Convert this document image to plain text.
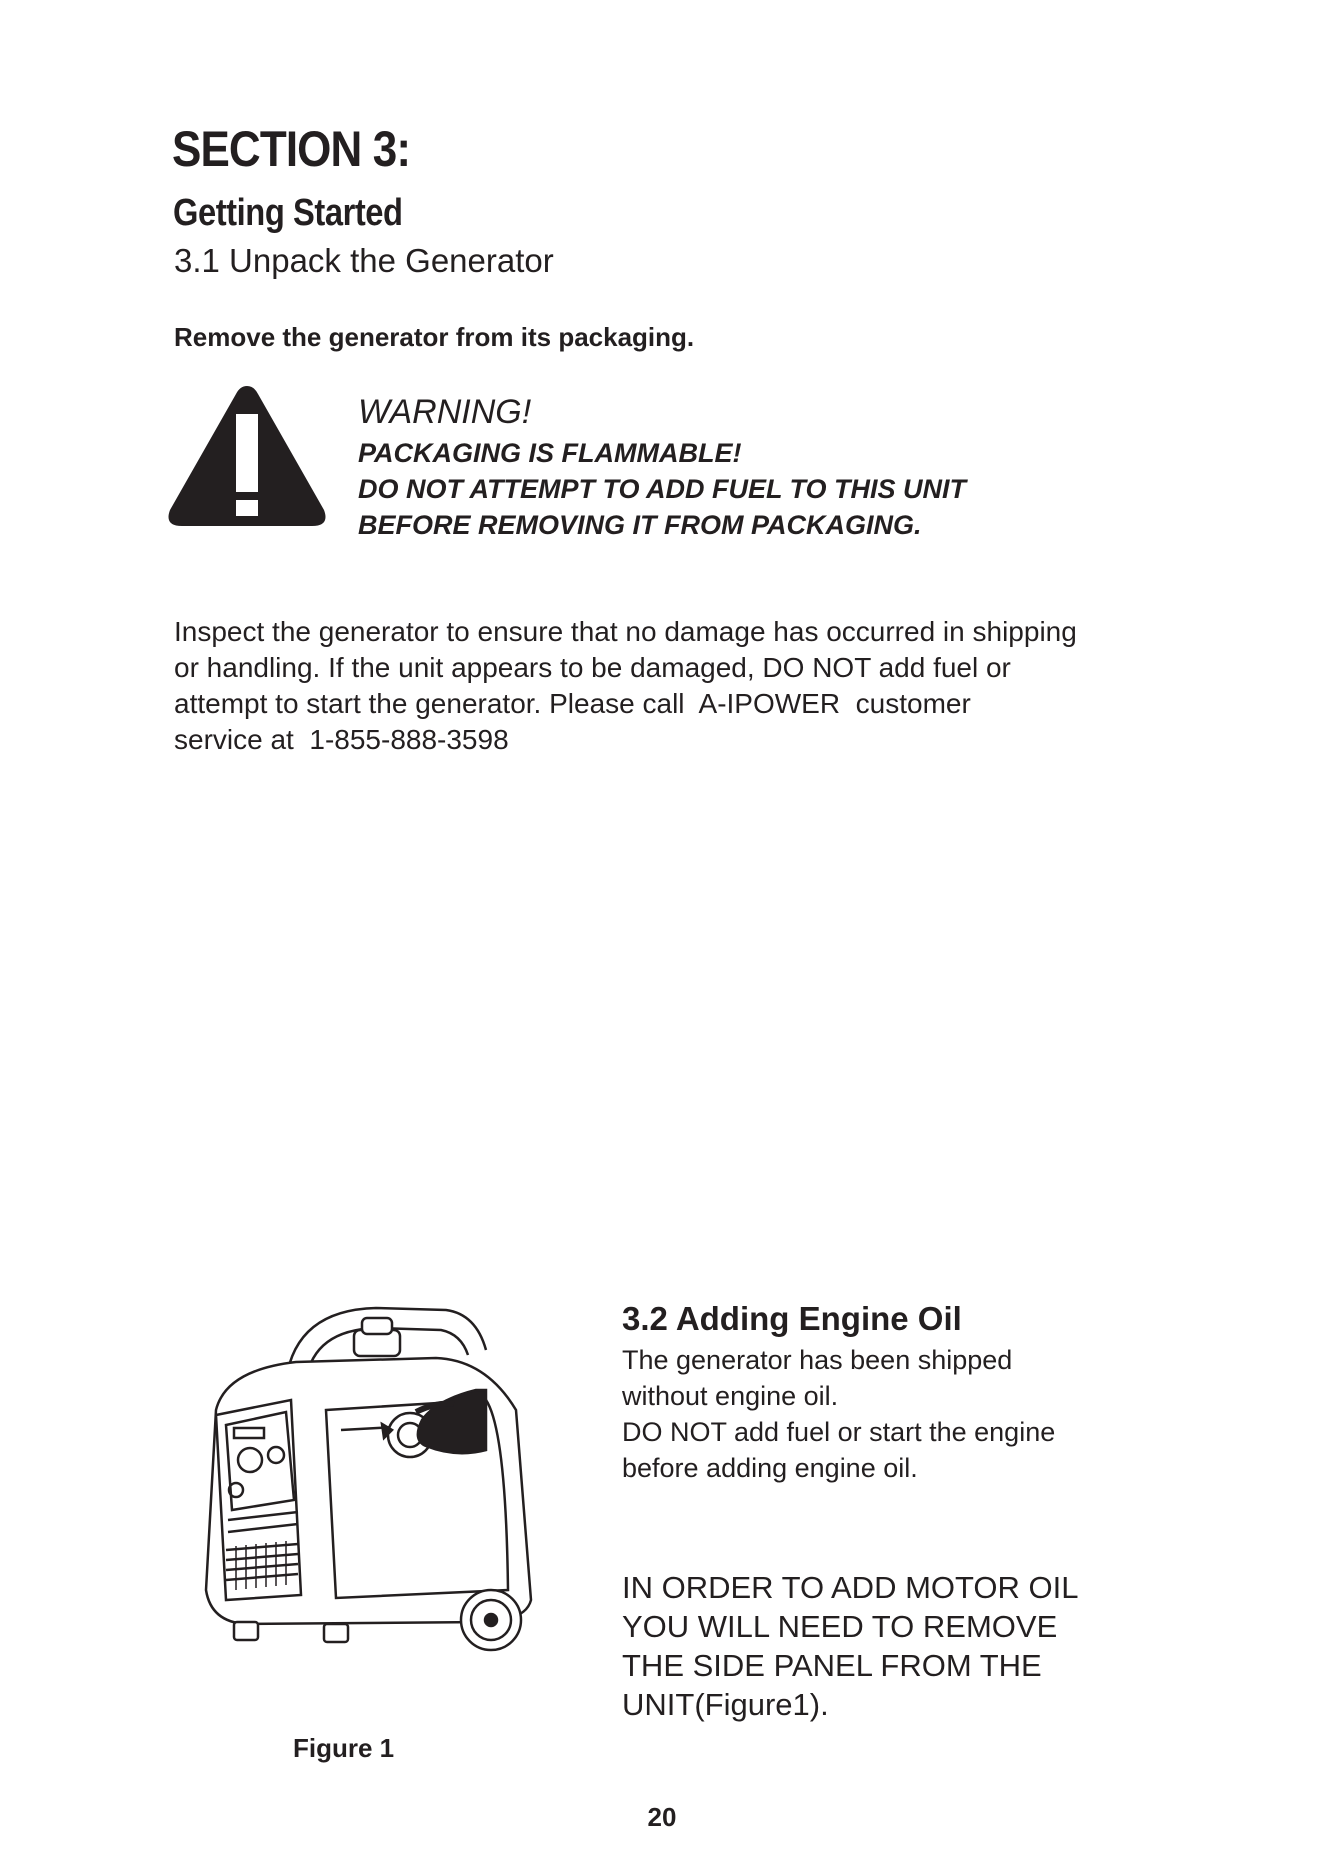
SECTION 3:
Getting Started
3.1 Unpack the Generator

Remove the generator from its packaging.

WARNING!

PACKAGING IS FLAMMABLE!

DO NOT ATTEMPT TO ADD FUEL TO THIS UNIT

BEFORE REMOVING IT FROM PACKAGING.

Inspect the generator to ensure that no damage has occurred in shipping
or handling. If the unit appears to be damaged, DO NOT add fuel or
attempt to start the generator. Please call  A-IPOWER  customer
service at  1-855-888-3598

Figure 1

3.2 Adding Engine Oil
The generator has been shipped
without engine oil.
DO NOT add fuel or start the engine
before adding engine oil.
IN ORDER TO ADD MOTOR OIL
YOU WILL NEED TO REMOVE
THE SIDE PANEL FROM THE
UNIT(Figure1).

20
